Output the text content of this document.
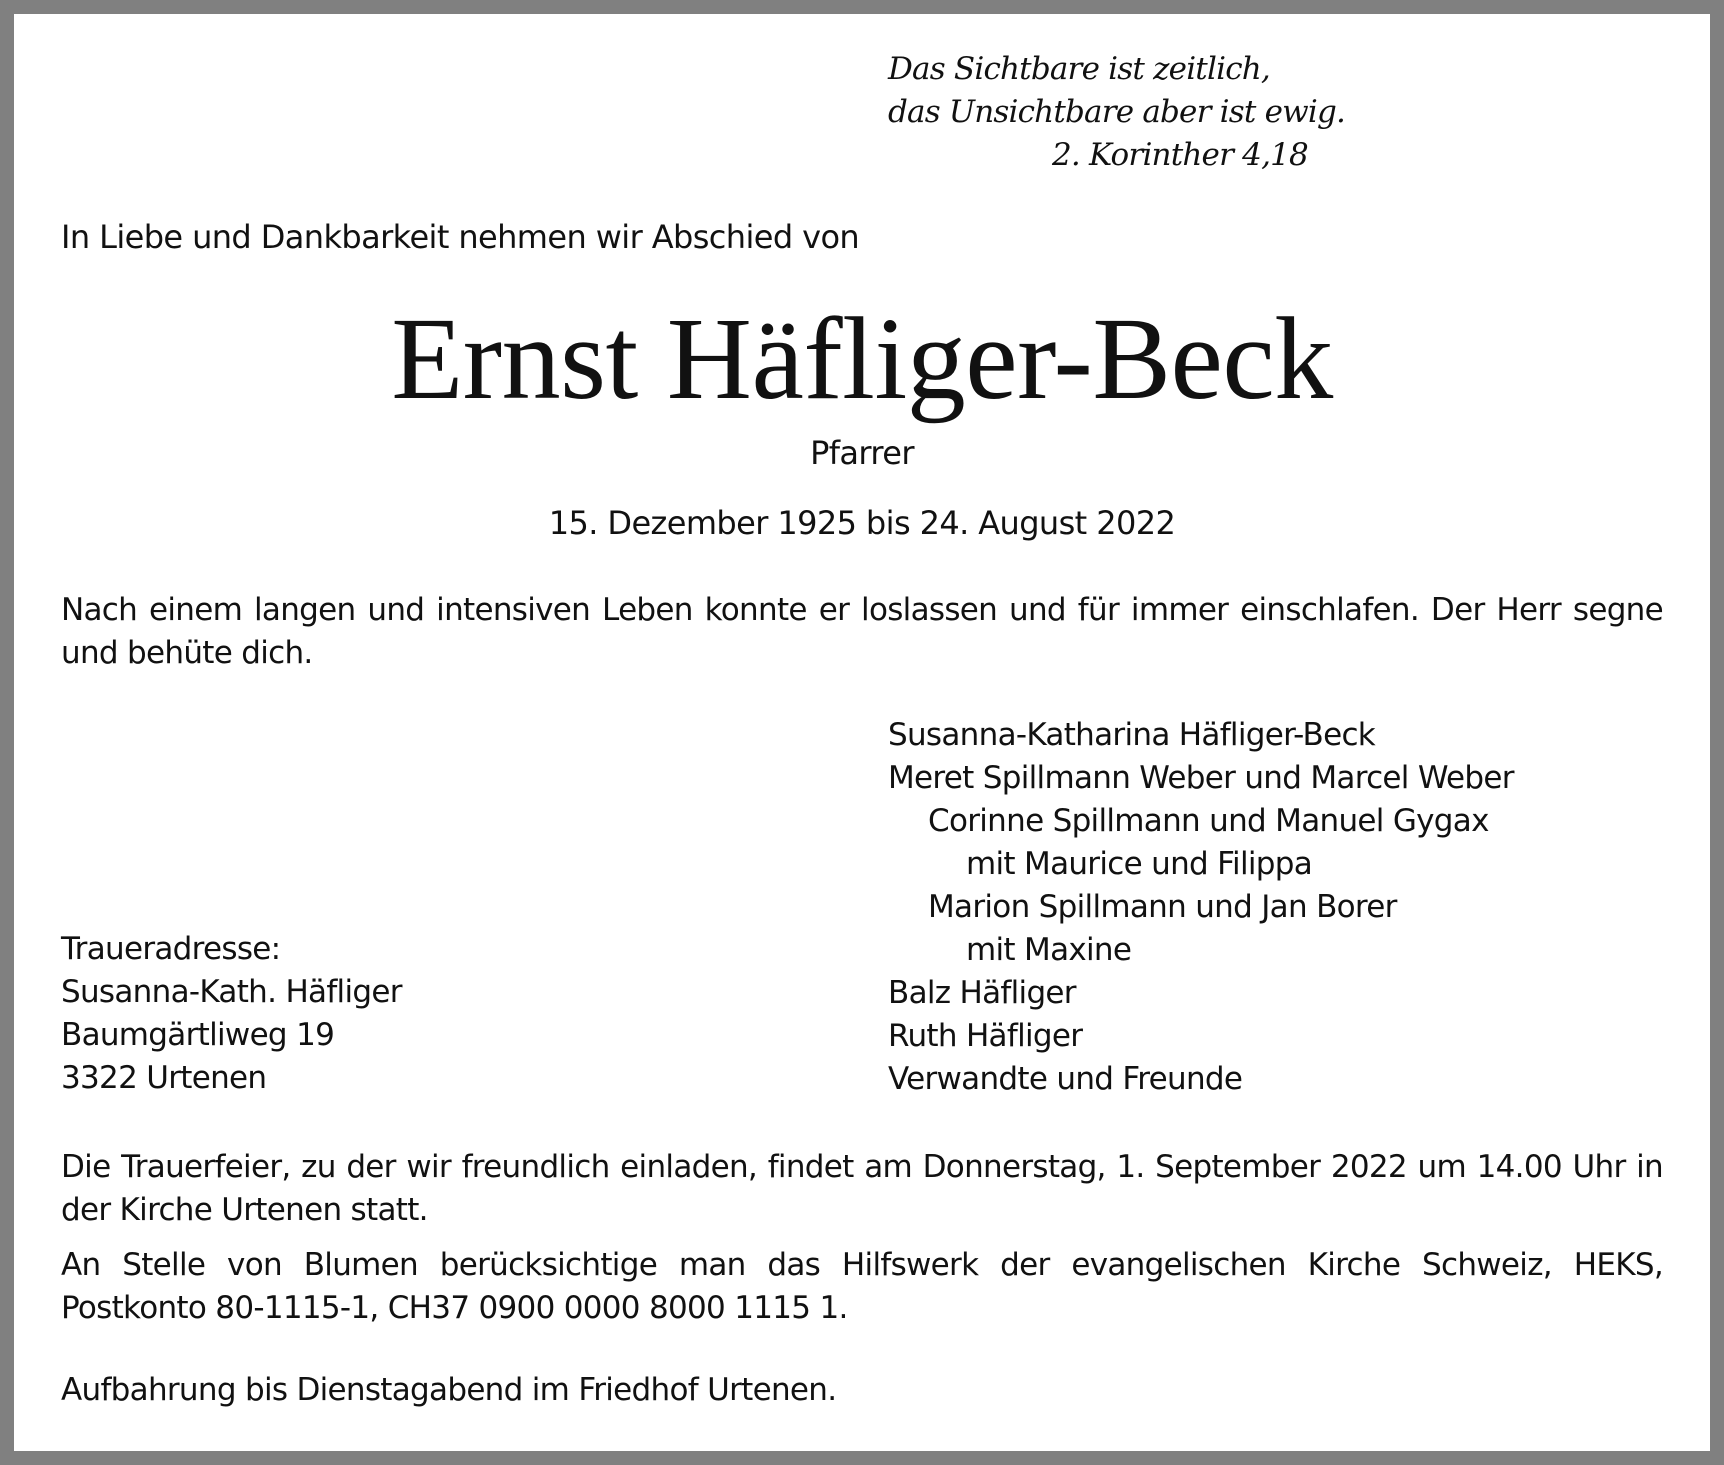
Das Sichtbare ist zeitlich,
das Unsichtbare aber ist ewig.
2. Korinther 4,18
In Liebe und Dankbarkeit nehmen wir Abschied von
Ernst Häfliger-Beck
Pfarrer
15. Dezember 1925 bis 24. August 2022
Nach einem langen und intensiven Leben konnte er loslassen und für immer einschlafen. Der Herr segne und behüte dich.
Susanna-Katharina Häfliger-Beck
Meret Spillmann Weber und Marcel Weber
Corinne Spillmann und Manuel Gygax
mit Maurice und Filippa
Marion Spillmann und Jan Borer
mit Maxine
Balz Häfliger
Ruth Häfliger
Verwandte und Freunde
Traueradresse:
Susanna-Kath. Häfliger
Baumgärtliweg 19
3322 Urtenen
Die Trauerfeier, zu der wir freundlich einladen, findet am Donnerstag, 1. September 2022 um 14.00 Uhr in der Kirche Urtenen statt.
An Stelle von Blumen berücksichtige man das Hilfswerk der evangelischen Kirche Schweiz, HEKS, Postkonto 80-1115-1, CH37 0900 0000 8000 1115 1.
Aufbahrung bis Dienstagabend im Friedhof Urtenen.
